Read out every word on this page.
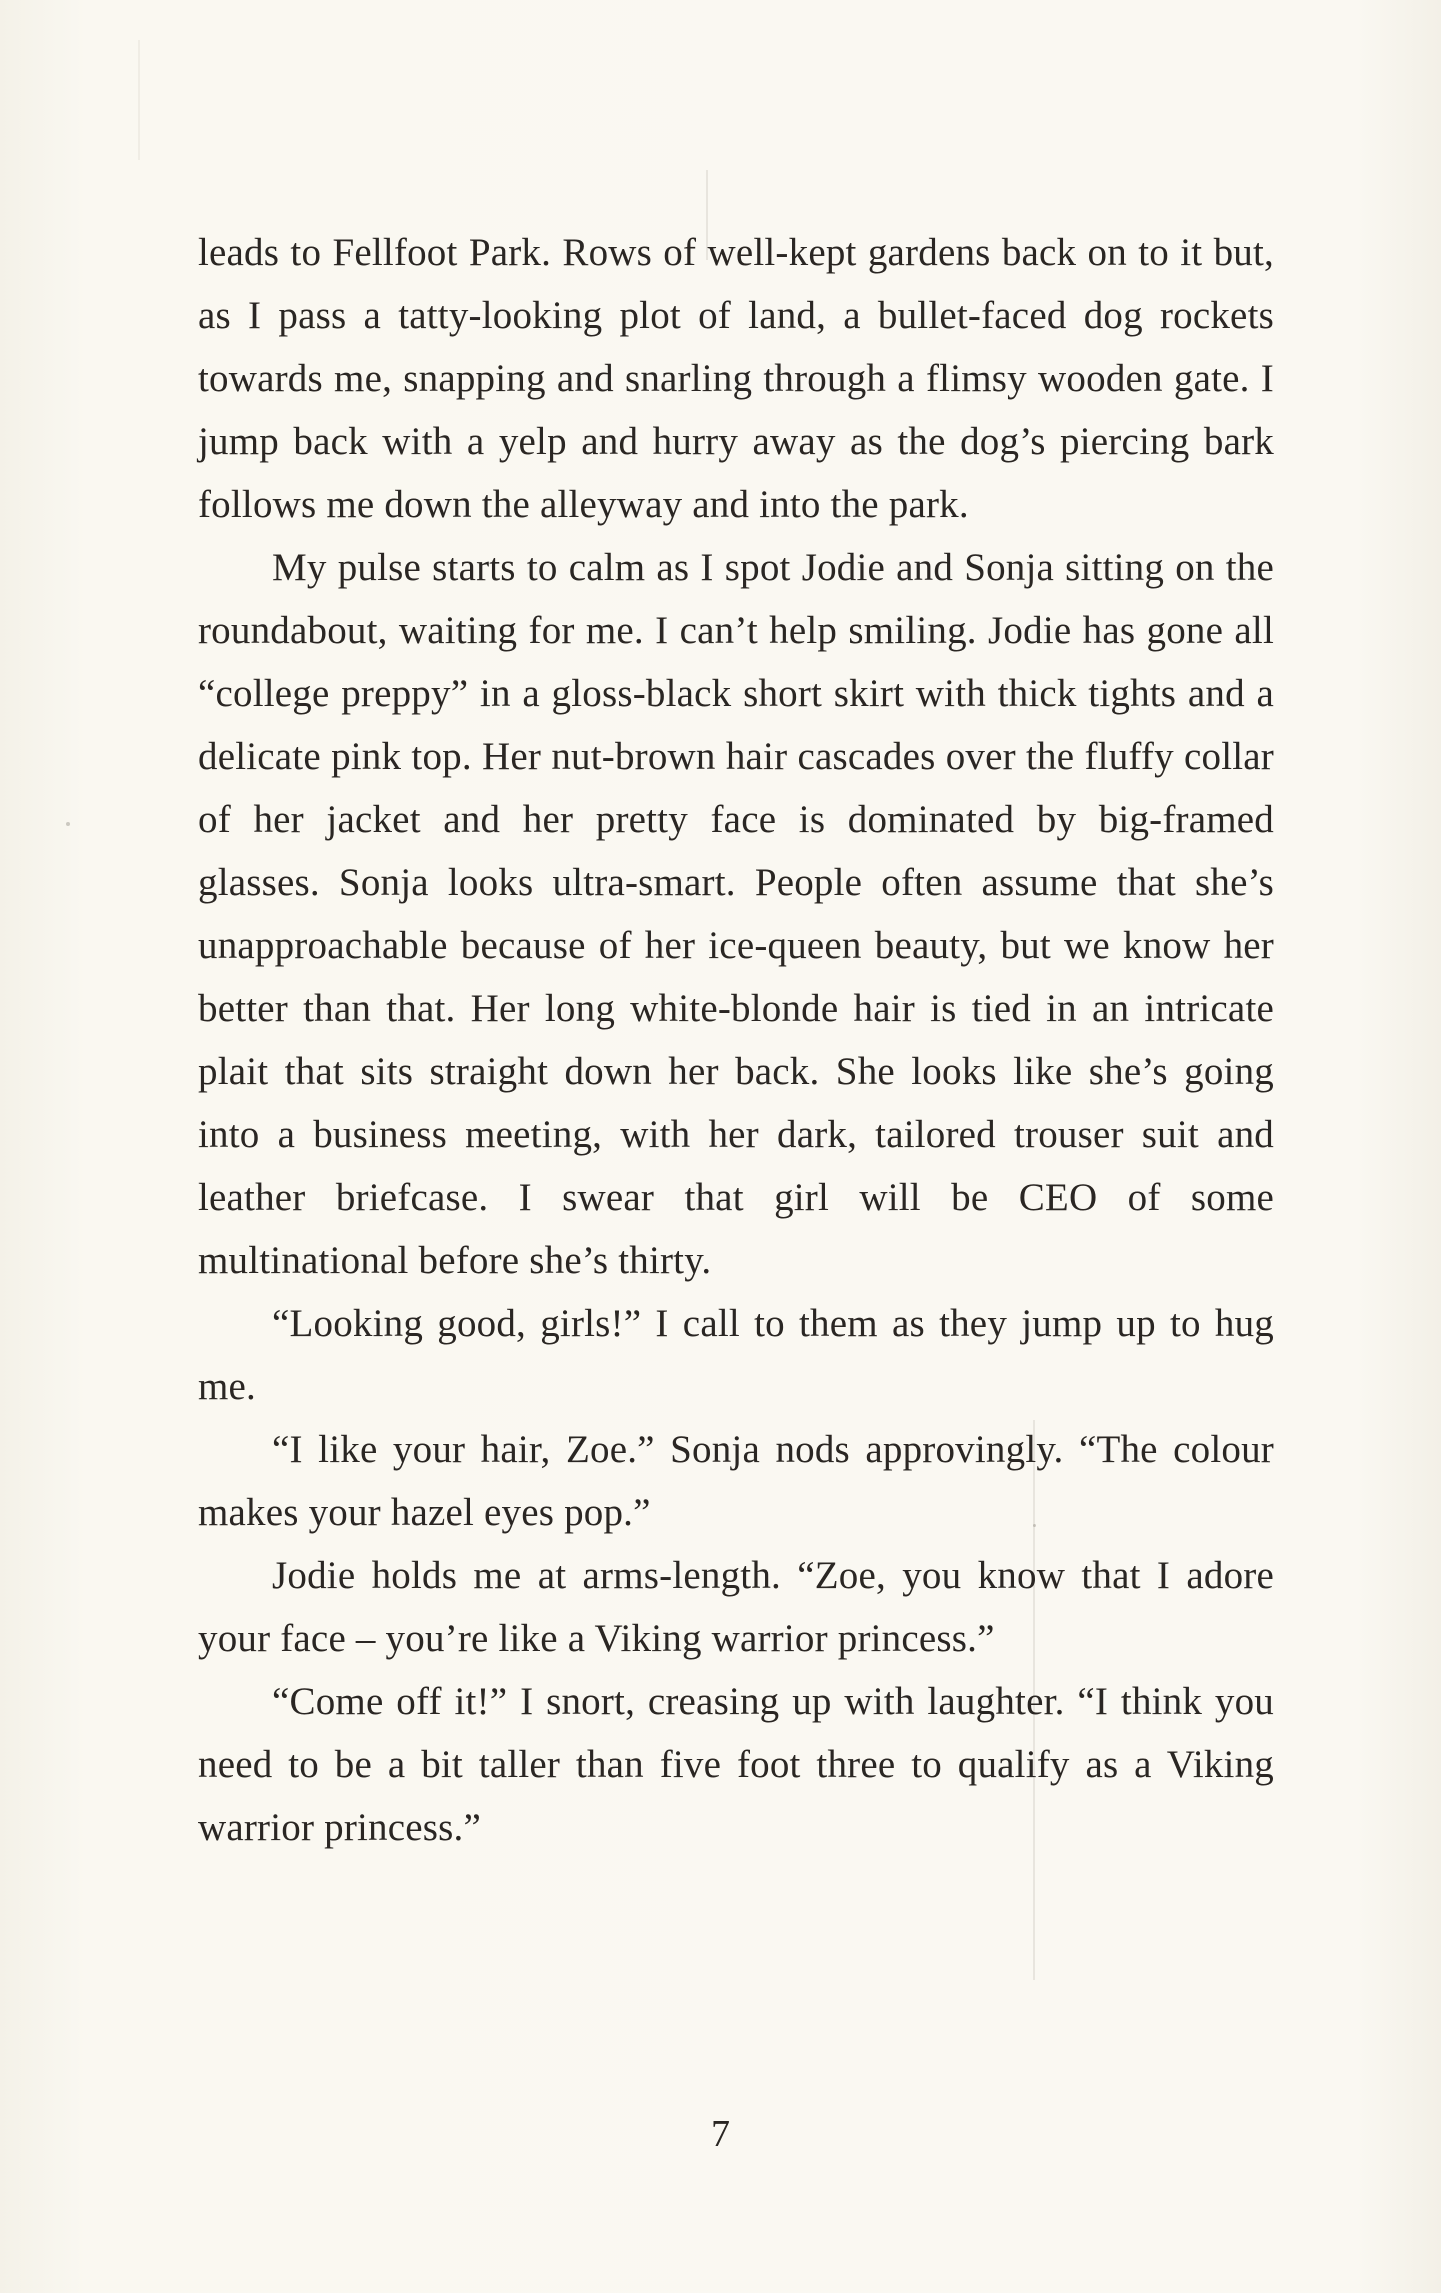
leads to Fellfoot Park. Rows of well-kept gardens back on to it but, as I pass a tatty-looking plot of land, a bullet-faced dog rockets towards me, snapping and snarling through a flimsy wooden gate. I jump back with a yelp and hurry away as the dog’s piercing bark follows me down the alleyway and into the park.

My pulse starts to calm as I spot Jodie and Sonja sitting on the roundabout, waiting for me. I can’t help smiling. Jodie has gone all “college preppy” in a gloss-black short skirt with thick tights and a delicate pink top. Her nut-brown hair cascades over the fluffy collar of her jacket and her pretty face is dominated by big-framed glasses. Sonja looks ultra-smart. People often assume that she’s unapproachable because of her ice-queen beauty, but we know her better than that. Her long white-blonde hair is tied in an intricate plait that sits straight down her back. She looks like she’s going into a business meeting, with her dark, tailored trouser suit and leather briefcase. I swear that girl will be CEO of some multinational before she’s thirty.

“Looking good, girls!” I call to them as they jump up to hug me.

“I like your hair, Zoe.” Sonja nods approvingly. “The colour makes your hazel eyes pop.”

Jodie holds me at arms-length. “Zoe, you know that I adore your face – you’re like a Viking warrior princess.”

“Come off it!” I snort, creasing up with laughter. “I think you need to be a bit taller than five foot three to qualify as a Viking warrior princess.”

7
